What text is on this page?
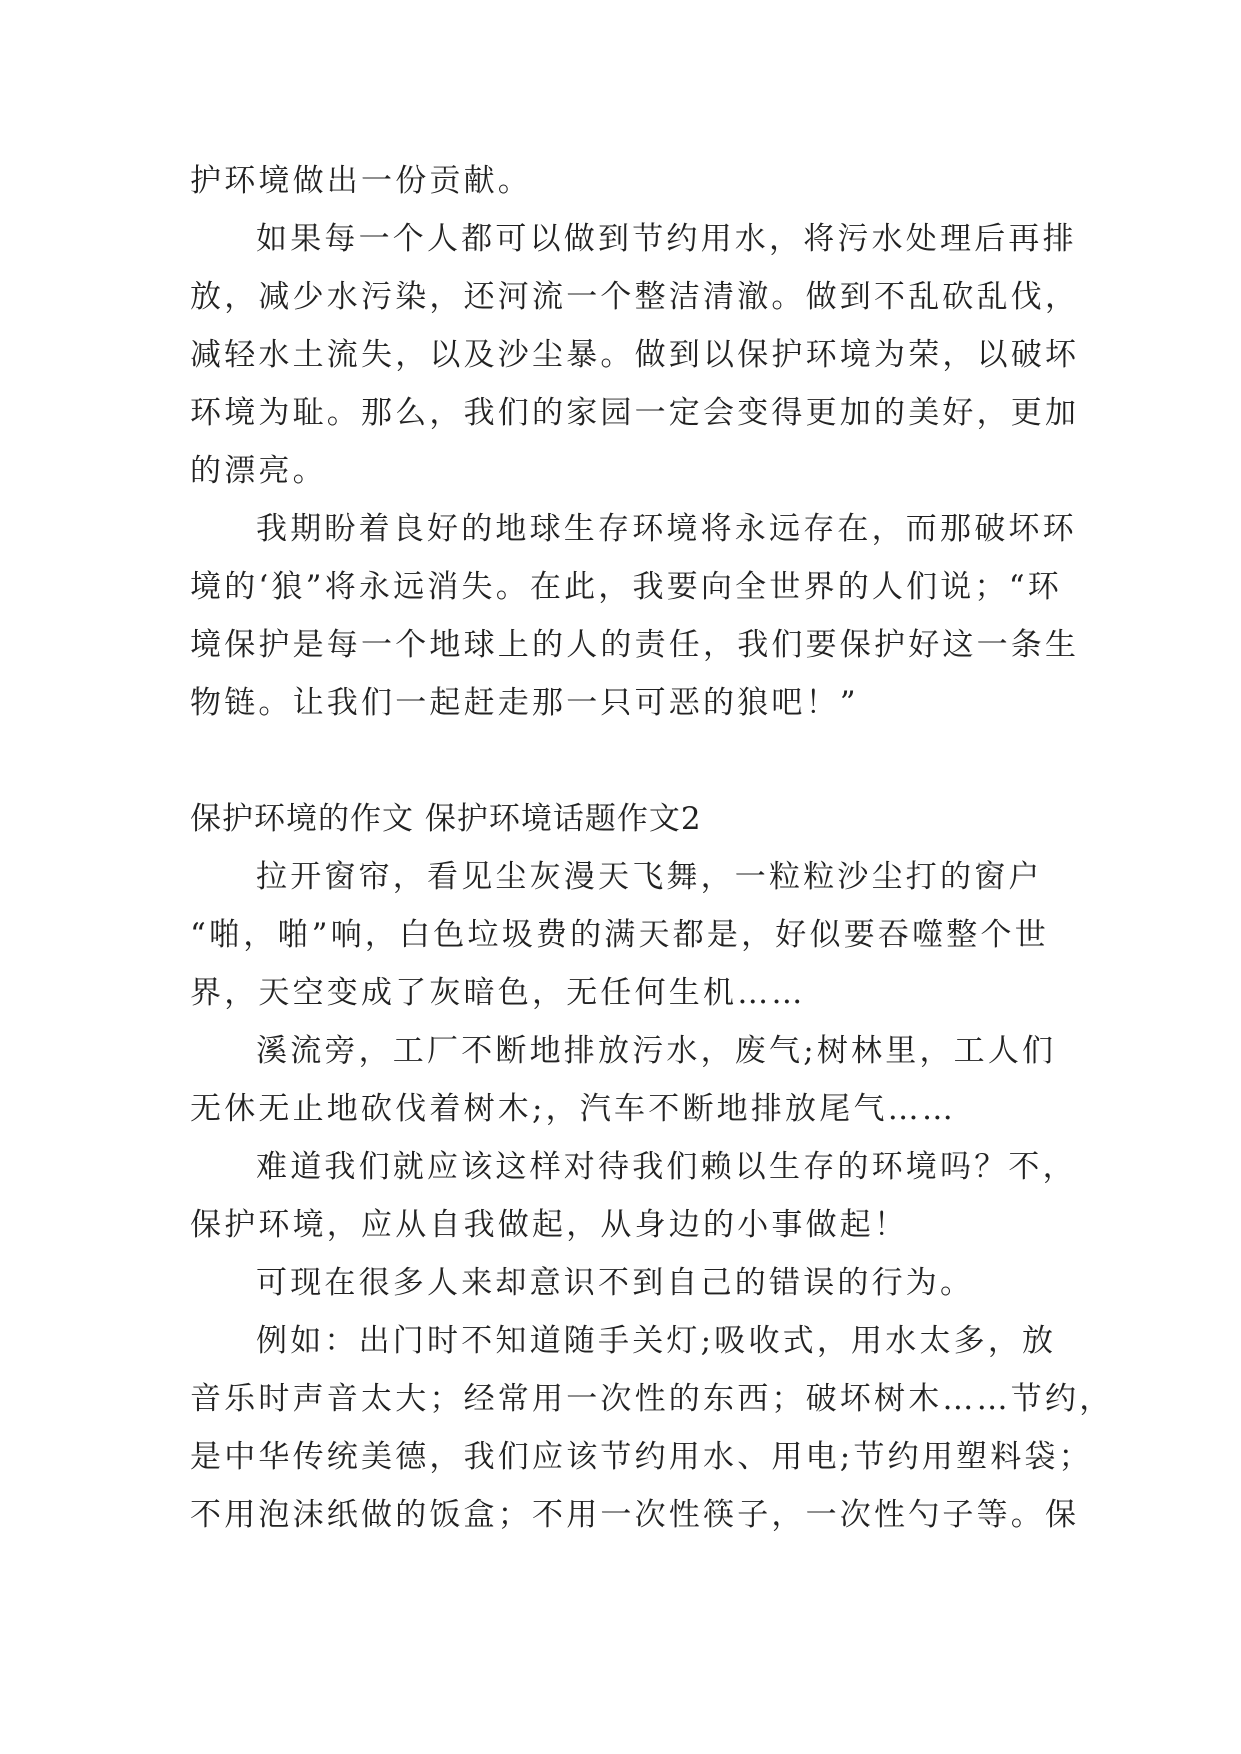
护环境做出一份贡献。
如果每一个人都可以做到节约用水，将污水处理后再排
放，减少水污染，还河流一个整洁清澈。做到不乱砍乱伐，
减轻水土流失，以及沙尘暴。做到以保护环境为荣，以破坏
环境为耻。那么，我们的家园一定会变得更加的美好，更加
的漂亮。
我期盼着良好的地球生存环境将永远存在，而那破坏环
境的‘狼”将永远消失。在此，我要向全世界的人们说；“环
境保护是每一个地球上的人的责任，我们要保护好这一条生
物链。让我们一起赶走那一只可恶的狼吧！”
保护环境的作文 保护环境话题作文2
拉开窗帘，看见尘灰漫天飞舞，一粒粒沙尘打的窗户
“啪，啪”响，白色垃圾费的满天都是，好似要吞噬整个世
界，天空变成了灰暗色，无任何生机……
溪流旁，工厂不断地排放污水，废气;树林里，工人们
无休无止地砍伐着树木;，汽车不断地排放尾气……
难道我们就应该这样对待我们赖以生存的环境吗？不，
保护环境，应从自我做起，从身边的小事做起！
可现在很多人来却意识不到自己的错误的行为。
例如：出门时不知道随手关灯;吸收式，用水太多，放
音乐时声音太大；经常用一次性的东西；破坏树木……节约，
是中华传统美德，我们应该节约用水、用电;节约用塑料袋；
不用泡沫纸做的饭盒；不用一次性筷子，一次性勺子等。保
